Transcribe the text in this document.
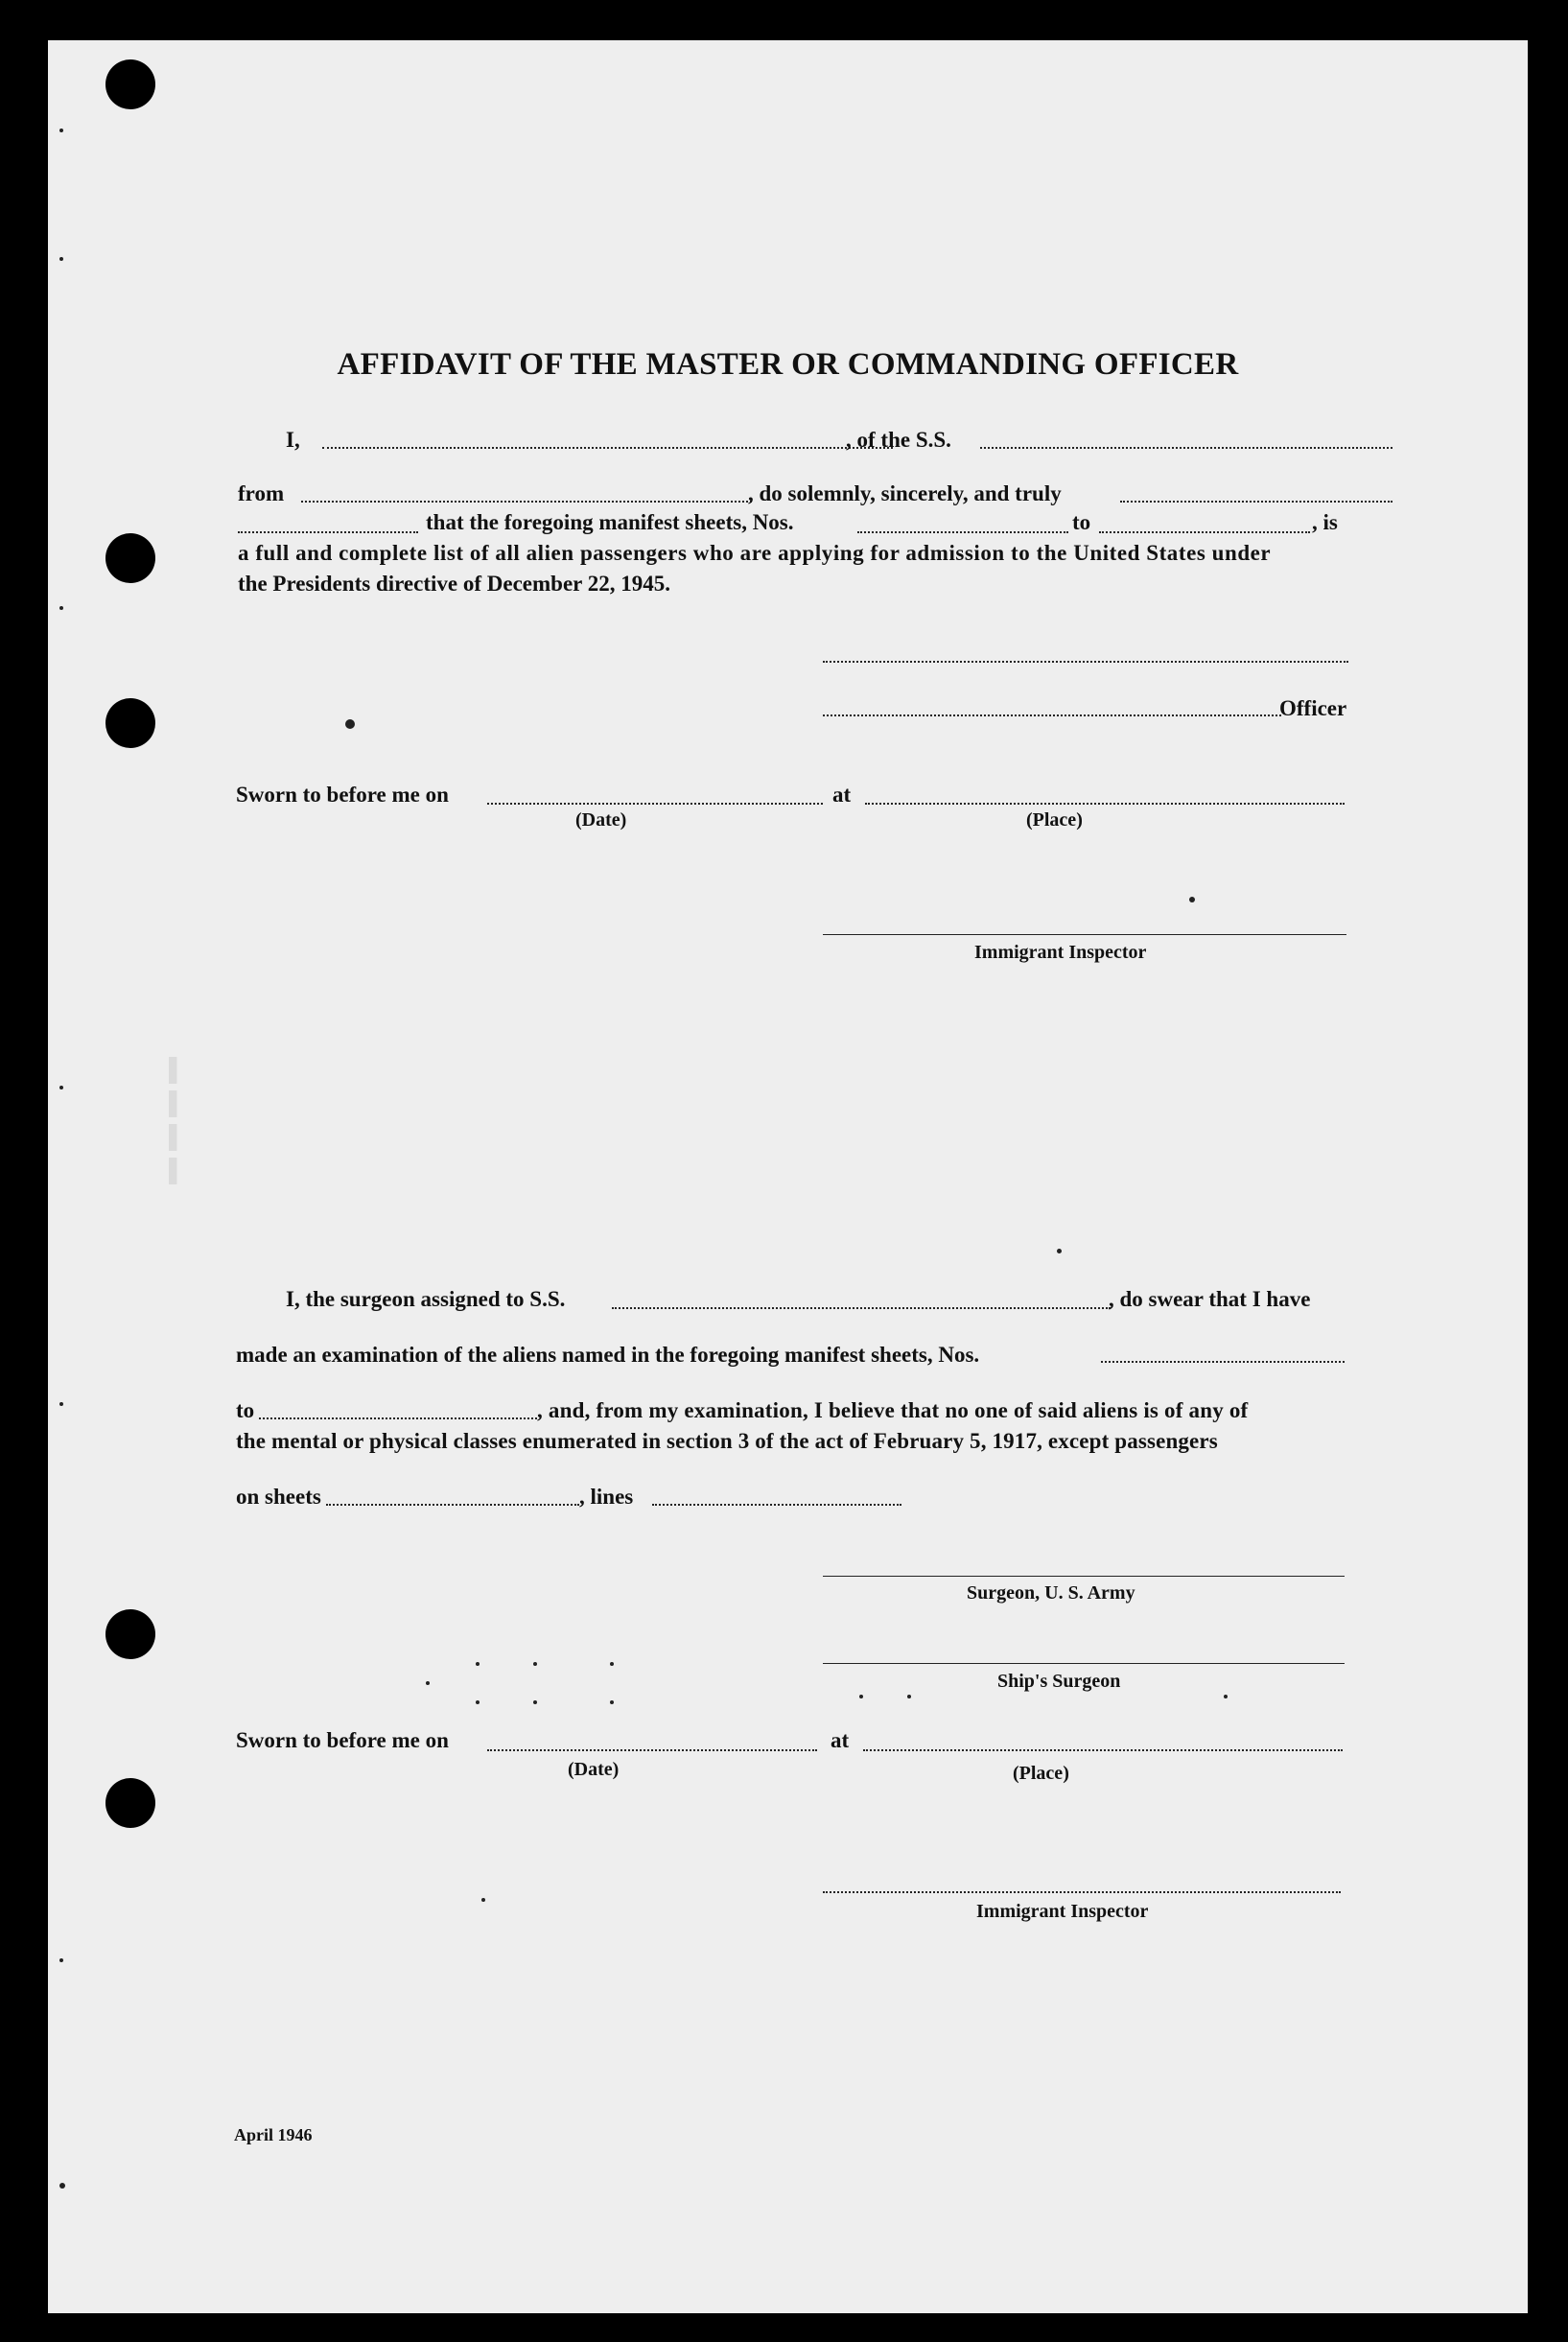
▬ ▬ ▬ ▬
AFFIDAVIT OF THE MASTER OR COMMANDING OFFICER
I,	, of the S.S.
from	, do solemnly, sincerely, and truly
that the foregoing manifest sheets, Nos.	to	, is
a full and complete list of all alien passengers who are applying for admission to the United States under
the Presidents directive of December 22, 1945.
Officer
Sworn to before me on	at
(Date)	(Place)
Immigrant Inspector
I, the surgeon assigned to S.S.	, do swear that I have
made an examination of the aliens named in the foregoing manifest sheets, Nos.
to	, and, from my examination, I believe that no one of said aliens is of any of
the mental or physical classes enumerated in section 3 of the act of February 5, 1917, except passengers
on sheets	, lines
Surgeon, U. S. Army
Ship's Surgeon
Sworn to before me on	at
(Date)	(Place)
Immigrant Inspector
April 1946
